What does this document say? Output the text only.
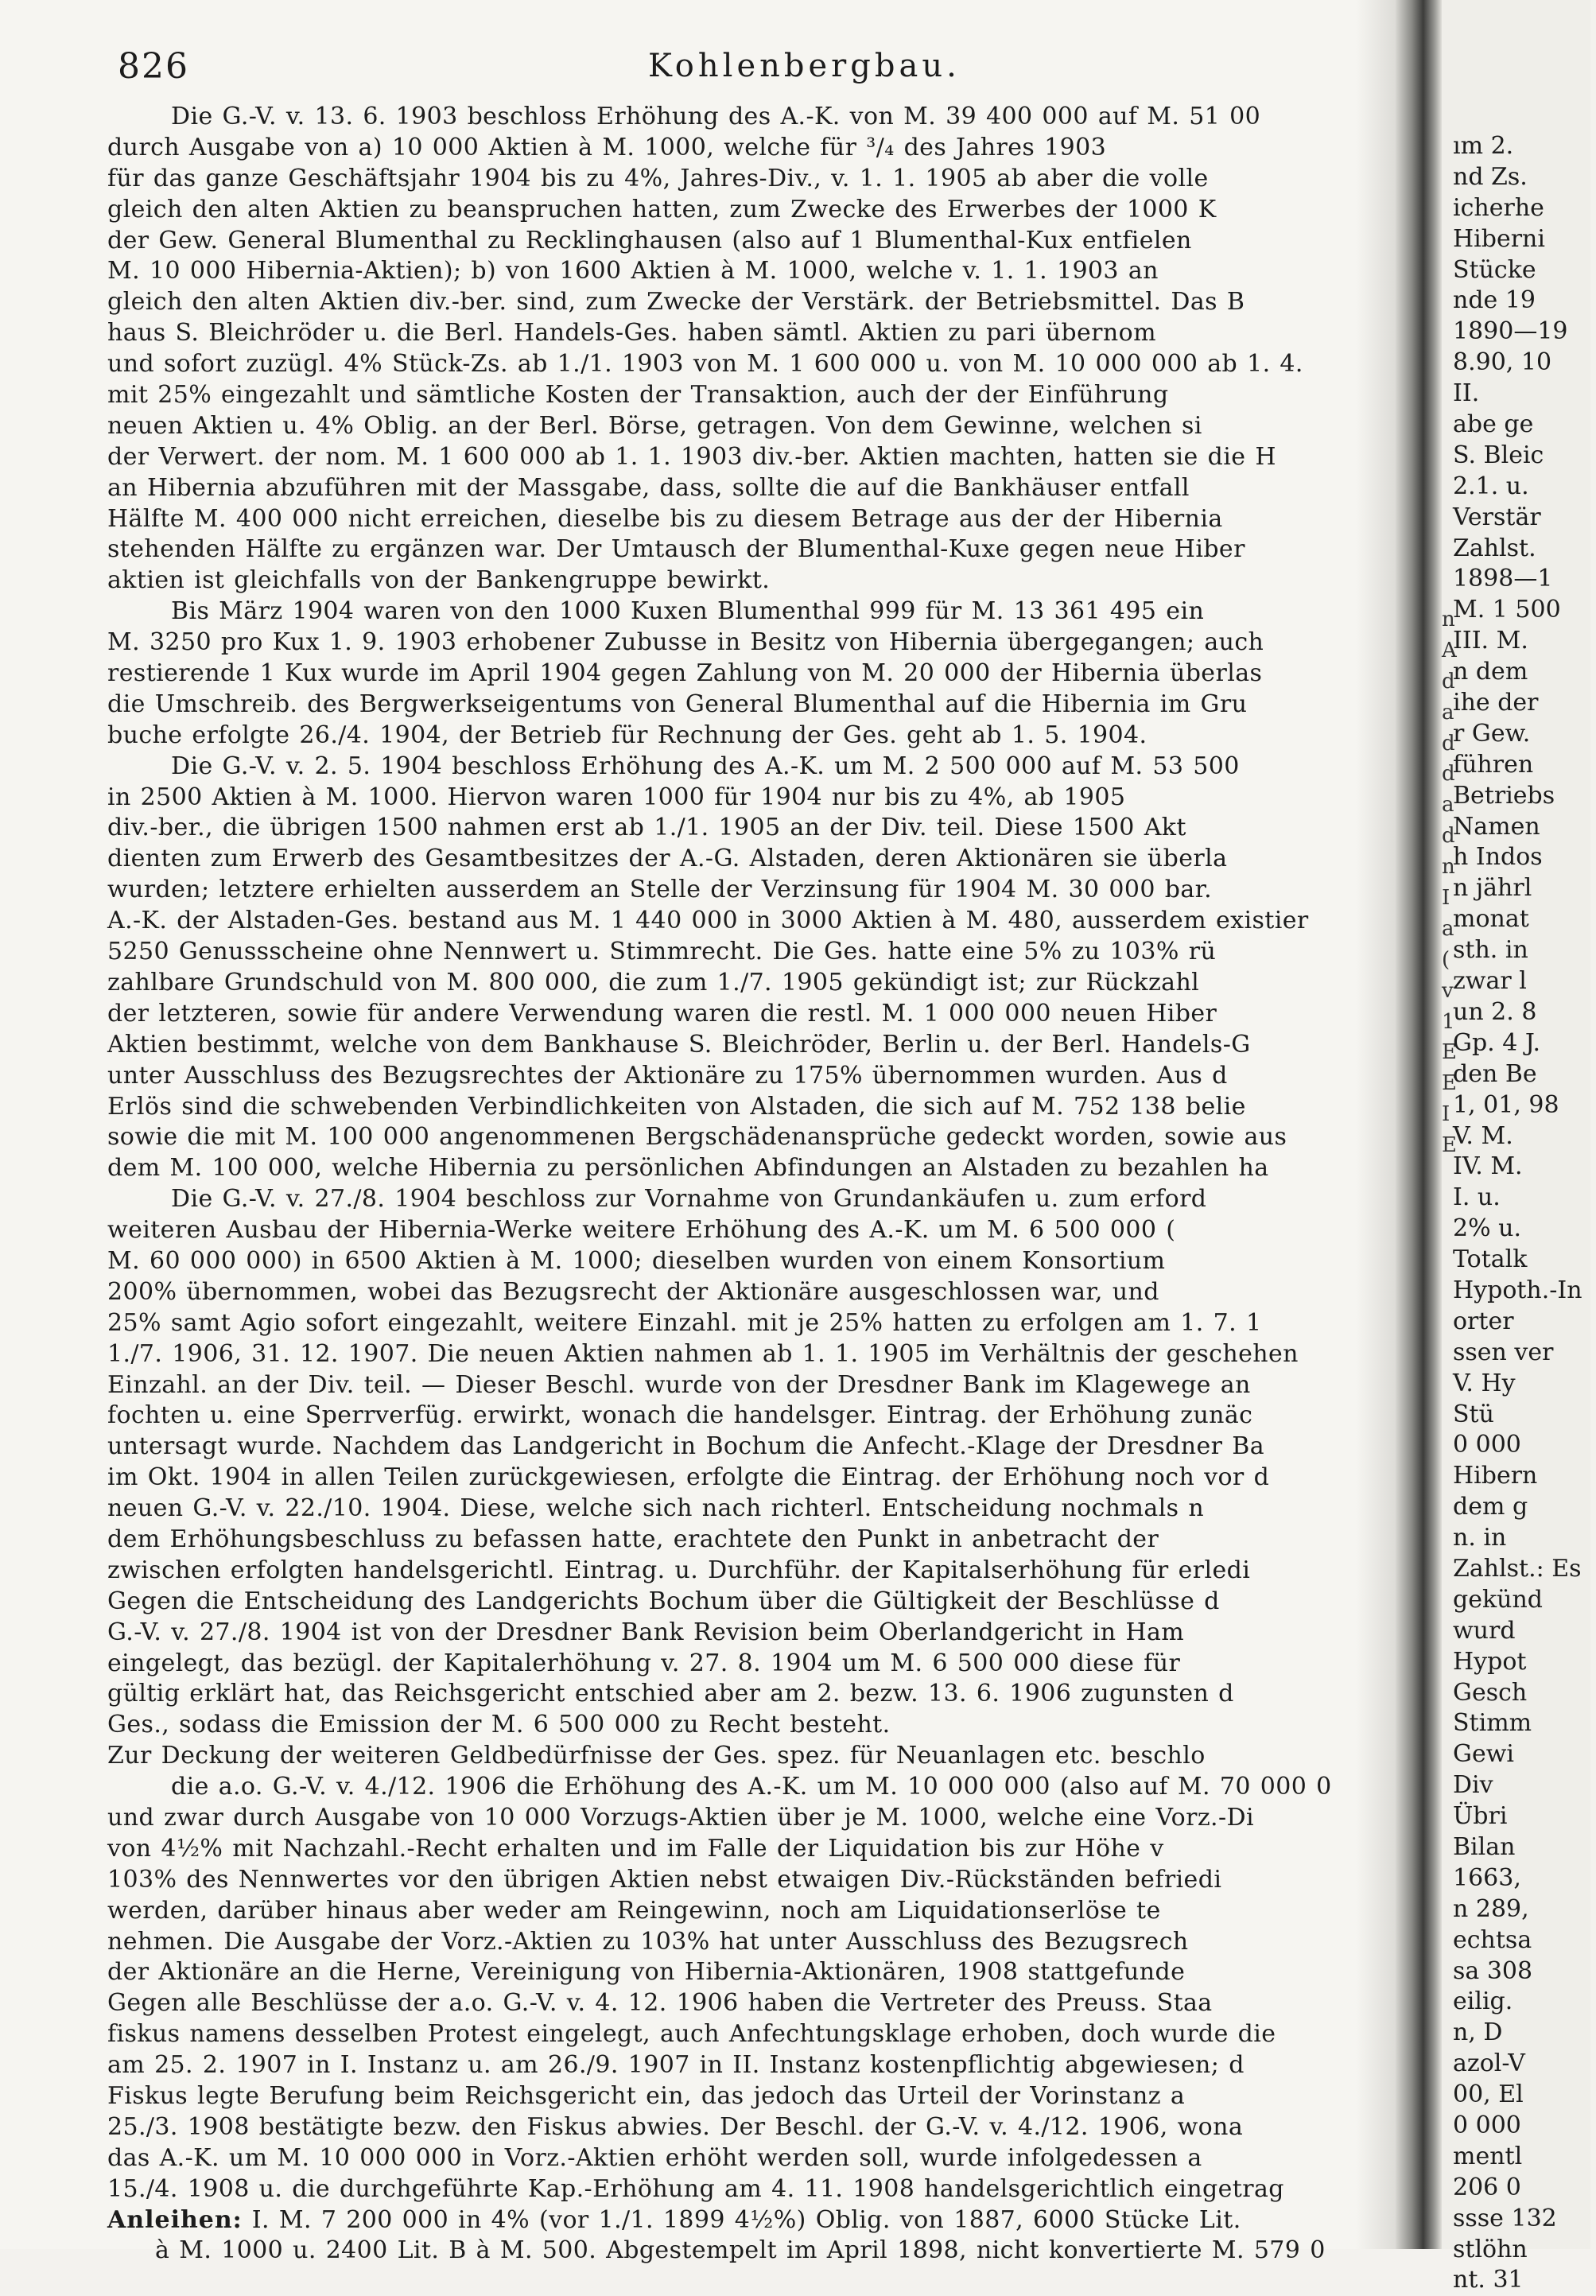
826	Kohlenbergbau.
Die G.-V. v. 13. 6. 1903 beschloss Erhöhung des A.-K. von M. 39 400 000 auf M. 51 00
durch Ausgabe von a) 10 000 Aktien à M. 1000, welche für ³/₄ des Jahres 1903
für das ganze Geschäftsjahr 1904 bis zu 4%, Jahres-Div., v. 1. 1. 1905 ab aber die volle
gleich den alten Aktien zu beanspruchen hatten, zum Zwecke des Erwerbes der 1000 K
der Gew. General Blumenthal zu Recklinghausen (also auf 1 Blumenthal-Kux entfielen
M. 10 000 Hibernia-Aktien); b) von 1600 Aktien à M. 1000, welche v. 1. 1. 1903 an
gleich den alten Aktien div.-ber. sind, zum Zwecke der Verstärk. der Betriebsmittel. Das B
haus S. Bleichröder u. die Berl. Handels-Ges. haben sämtl. Aktien zu pari übernom
und sofort zuzügl. 4% Stück-Zs. ab 1./1. 1903 von M. 1 600 000 u. von M. 10 000 000 ab 1. 4.
mit 25% eingezahlt und sämtliche Kosten der Transaktion, auch der der Einführung
neuen Aktien u. 4% Oblig. an der Berl. Börse, getragen. Von dem Gewinne, welchen si
der Verwert. der nom. M. 1 600 000 ab 1. 1. 1903 div.-ber. Aktien machten, hatten sie die H
an Hibernia abzuführen mit der Massgabe, dass, sollte die auf die Bankhäuser entfall
Hälfte M. 400 000 nicht erreichen, dieselbe bis zu diesem Betrage aus der der Hibernia
stehenden Hälfte zu ergänzen war. Der Umtausch der Blumenthal-Kuxe gegen neue Hiber
aktien ist gleichfalls von der Bankengruppe bewirkt.
Bis März 1904 waren von den 1000 Kuxen Blumenthal 999 für M. 13 361 495 ein
M. 3250 pro Kux 1. 9. 1903 erhobener Zubusse in Besitz von Hibernia übergegangen; auch
restierende 1 Kux wurde im April 1904 gegen Zahlung von M. 20 000 der Hibernia überlas
die Umschreib. des Bergwerkseigentums von General Blumenthal auf die Hibernia im Gru
buche erfolgte 26./4. 1904, der Betrieb für Rechnung der Ges. geht ab 1. 5. 1904.
Die G.-V. v. 2. 5. 1904 beschloss Erhöhung des A.-K. um M. 2 500 000 auf M. 53 500
in 2500 Aktien à M. 1000. Hiervon waren 1000 für 1904 nur bis zu 4%, ab 1905
div.-ber., die übrigen 1500 nahmen erst ab 1./1. 1905 an der Div. teil. Diese 1500 Akt
dienten zum Erwerb des Gesamtbesitzes der A.-G. Alstaden, deren Aktionären sie überla
wurden; letztere erhielten ausserdem an Stelle der Verzinsung für 1904 M. 30 000 bar.
A.-K. der Alstaden-Ges. bestand aus M. 1 440 000 in 3000 Aktien à M. 480, ausserdem existier
5250 Genussscheine ohne Nennwert u. Stimmrecht. Die Ges. hatte eine 5% zu 103% rü
zahlbare Grundschuld von M. 800 000, die zum 1./7. 1905 gekündigt ist; zur Rückzahl
der letzteren, sowie für andere Verwendung waren die restl. M. 1 000 000 neuen Hiber
Aktien bestimmt, welche von dem Bankhause S. Bleichröder, Berlin u. der Berl. Handels-G
unter Ausschluss des Bezugsrechtes der Aktionäre zu 175% übernommen wurden. Aus d
Erlös sind die schwebenden Verbindlichkeiten von Alstaden, die sich auf M. 752 138 belie
sowie die mit M. 100 000 angenommenen Bergschädenansprüche gedeckt worden, sowie aus
dem M. 100 000, welche Hibernia zu persönlichen Abfindungen an Alstaden zu bezahlen ha
Die G.-V. v. 27./8. 1904 beschloss zur Vornahme von Grundankäufen u. zum erford
weiteren Ausbau der Hibernia-Werke weitere Erhöhung des A.-K. um M. 6 500 000 (
M. 60 000 000) in 6500 Aktien à M. 1000; dieselben wurden von einem Konsortium
200% übernommen, wobei das Bezugsrecht der Aktionäre ausgeschlossen war, und
25% samt Agio sofort eingezahlt, weitere Einzahl. mit je 25% hatten zu erfolgen am 1. 7. 1
1./7. 1906, 31. 12. 1907. Die neuen Aktien nahmen ab 1. 1. 1905 im Verhältnis der geschehen
Einzahl. an der Div. teil. — Dieser Beschl. wurde von der Dresdner Bank im Klagewege an
fochten u. eine Sperrverfüg. erwirkt, wonach die handelsger. Eintrag. der Erhöhung zunäc
untersagt wurde. Nachdem das Landgericht in Bochum die Anfecht.-Klage der Dresdner Ba
im Okt. 1904 in allen Teilen zurückgewiesen, erfolgte die Eintrag. der Erhöhung noch vor d
neuen G.-V. v. 22./10. 1904. Diese, welche sich nach richterl. Entscheidung nochmals n
dem Erhöhungsbeschluss zu befassen hatte, erachtete den Punkt in anbetracht der
zwischen erfolgten handelsgerichtl. Eintrag. u. Durchführ. der Kapitalserhöhung für erledi
Gegen die Entscheidung des Landgerichts Bochum über die Gültigkeit der Beschlüsse d
G.-V. v. 27./8. 1904 ist von der Dresdner Bank Revision beim Oberlandgericht in Ham
eingelegt, das bezügl. der Kapitalerhöhung v. 27. 8. 1904 um M. 6 500 000 diese für
gültig erklärt hat, das Reichsgericht entschied aber am 2. bezw. 13. 6. 1906 zugunsten d
Ges., sodass die Emission der M. 6 500 000 zu Recht besteht.
Zur Deckung der weiteren Geldbedürfnisse der Ges. spez. für Neuanlagen etc. beschlo
die a.o. G.-V. v. 4./12. 1906 die Erhöhung des A.-K. um M. 10 000 000 (also auf M. 70 000 0
und zwar durch Ausgabe von 10 000 Vorzugs-Aktien über je M. 1000, welche eine Vorz.-Di
von 4½% mit Nachzahl.-Recht erhalten und im Falle der Liquidation bis zur Höhe v
103% des Nennwertes vor den übrigen Aktien nebst etwaigen Div.-Rückständen befriedi
werden, darüber hinaus aber weder am Reingewinn, noch am Liquidationserlöse te
nehmen. Die Ausgabe der Vorz.-Aktien zu 103% hat unter Ausschluss des Bezugsrech
der Aktionäre an die Herne, Vereinigung von Hibernia-Aktionären, 1908 stattgefunde
Gegen alle Beschlüsse der a.o. G.-V. v. 4. 12. 1906 haben die Vertreter des Preuss. Staa
fiskus namens desselben Protest eingelegt, auch Anfechtungsklage erhoben, doch wurde die
am 25. 2. 1907 in I. Instanz u. am 26./9. 1907 in II. Instanz kostenpflichtig abgewiesen; d
Fiskus legte Berufung beim Reichsgericht ein, das jedoch das Urteil der Vorinstanz a
25./3. 1908 bestätigte bezw. den Fiskus abwies. Der Beschl. der G.-V. v. 4./12. 1906, wona
das A.-K. um M. 10 000 000 in Vorz.-Aktien erhöht werden soll, wurde infolgedessen a
15./4. 1908 u. die durchgeführte Kap.-Erhöhung am 4. 11. 1908 handelsgerichtlich eingetrag
Anleihen: I. M. 7 200 000 in 4% (vor 1./1. 1899 4½%) Oblig. von 1887, 6000 Stücke Lit.
à M. 1000 u. 2400 Lit. B à M. 500. Abgestempelt im April 1898, nicht konvertierte M. 579 0
n
A
d
a
d
d
a
d
n
I
a
(
v
1
E
E
I
E
ım 2.
nd Zs.
icherhe
Hiberni
Stücke
nde 19
1890—19
8.90, 10
II.
abe ge
S. Bleic
2.1. u.
Verstär
Zahlst.
1898—1
M. 1 500
III. M.
n dem
ihe der
r Gew.
führen
Betriebs
Namen
h Indos
n jährl
monat
sth. in
zwar l
un 2. 8
Gp. 4 J.
den Be
1, 01, 98
V. M.
IV. M.
I. u.
2% u.
Totalk
Hypoth.-In
orter
ssen ver
V. Hy
Stü
0 000
Hibern
dem g
n. in
Zahlst.: Es
gekünd
wurd
Hypot
Gesch
Stimm
Gewi
Div
Übri
Bilan
1663,
n 289,
echtsa
sa 308
eilig.
n, D
azol-V
00, El
0 000
mentl
206 0
ssse 132
stlöhn
nt. 31
